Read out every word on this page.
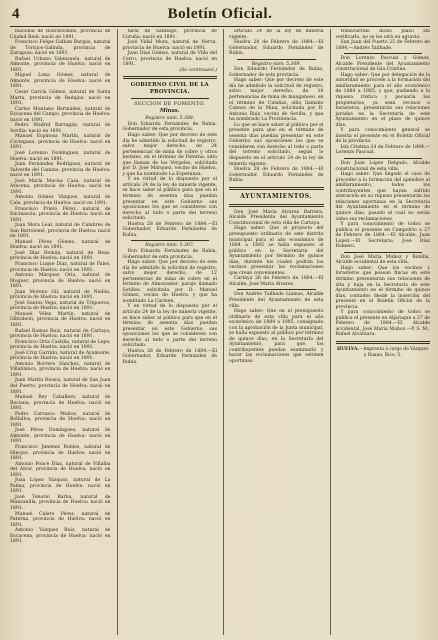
4	Boletín Oficial.

nacional de Roncesvalles, provincia de Ciudad Real: nació en 1891.

Francisco Felipe Galban Burgos, natural de Torrijos-Galinda, provincia de Zaragoza: nació en 1891.

Rafael Urbano Valenzuela, natural de Almonte, provincia de Huelva: nació en 1891.

Miguel Luna Gómez, natural de Almonte, provincia de Huelva: nació en 1891.

Cesar García Gómez, natural de Santa Marta, provincia de Badajoz: nació en 1891.

Carlos Montano Bermúdez, natural de Escacena del Campo, provincia de Huelva: nació en 1891.

Pedro Madrid Barragán, natural de Sevilla: nació en 1891.

Manuel Espinosa Martín, natural de Cortegana, provincia de Huelva: nació en 1891.

José Lorenzo Domínguez, natural de Huelva: nació en 1891.

Juan Fernández Rodríguez, natural de Valverde del Camino, provincia de Huelva: nació en 1891.

José María Macías Casa, natural de Aracena, provincia de Huelva: nació en 1891.

Antonio Gómez Vázquez, natural de Cala, provincia de Huelva: nació en 1891.

Francisco Prieto Pérez, natural de Encinasola, provincia de Huelva: nació en 1891.

Juan Mora Leal, natural de Cumbres de San Bartolomé, provincia de Huelva: nació en 1891.

Manuel Pérez Gómez, natural de Huelva: nació en 1891.

José Díaz Román, natural de Beas, provincia de Huelva: nació en 1891.

Francisco Luque Díaz, natural de Palos, provincia de Huelva: nació en 1891.

Antonio Márquez Oria, natural de Moguer, provincia de Huelva: nació en 1891.

Juan Moreno Gil, natural de Niebla, provincia de Huelva: nació en 1891.

José Santos Vega, natural de Trigueros, provincia de Huelva: nació en 1891.

Manuel Vélez Martín, natural de Gibraleón, provincia de Huelva: nació en 1891.

Rafael Ramos Ruiz, natural de Cartaya, provincia de Huelva: nació en 1891.

Francisco Orta Castilla, natural de Lepe, provincia de Huelva: nació en 1891.

José Cruz Garrido, natural de Ayamonte, provincia de Huelva: nació en 1891.

Antonio Borrero Sánchez, natural de Villablanca, provincia de Huelva: nació en 1891.

Juan Martín Rivera, natural de San Juan del Puerto, provincia de Huelva: nació en 1891.

Manuel Rey Caballero, natural de Rociana, provincia de Huelva: nació en 1891.

Pedro Carrasco Muñoz, natural de Bollullos, provincia de Huelva: nació en 1891.

José Pérez Domínguez, natural de Almonte, provincia de Huelva: nació en 1891.

Francisco Jiménez Robles, natural de Hinojos, provincia de Huelva: nació en 1891.

Antonio Ponce Díaz, natural de Villalba del Alcor, provincia de Huelva: nació en 1891.

Juan López Vázquez, natural de La Palma, provincia de Huelva: nació en 1891.

José Tenorio Barba, natural de Manzanilla, provincia de Huelva: nació en 1891.

Manuel Calero Pérez, natural de Paterna, provincia de Huelva: nació en 1891.

Antonio Vázquez Ruiz, natural de Escacena, provincia de Huelva: nació en 1891.

tural de Santiago, provincia de Coruña: nació en 1891.

José Vidal Mora, natural de Nerva, provincia de Huelva: nació en 1891.

Juan Díaz Gómez, natural de Villa del Cerro, provincia de Huelva: nació en 1891.

(Se continuará.)

GOBIERNO CIVIL DE LA PROVINCIA.
SECCION DE FOMENTO.
Minas.

Registro núm. 5.308.

Don Eduardo Fernández de Rubia, Gobernador de esta provincia.

Hago saber: Que por decreto de este día he admitido la solicitud de registro, salvo mejor derecho, de 24 pertenencias de mina de cobre y otros metales, en el término de Paterna, sitio que llaman de los Vergeles, solicitada por D. José Márquez, vecino de Huelva, y que ha nombrado La Esperanza.

Y en virtud de lo dispuesto por el artículo 24 de la ley de minería vigente, se hace saber al público para que en el término de sesenta días puedan presentar en este Gobierno sus oposiciones los que se consideren con derecho al todo o parte del terreno solicitado.

Huelva 28 de Febrero de 1884.—El Gobernador, Eduardo Fernández de Rubia.

Registro núm. 5.307.

Don Eduardo Fernández de Rubia, Gobernador de esta provincia.

Hago saber: Que por decreto de este día he admitido la solicitud de registro, salvo mejor derecho, de 12 pertenencias de mina de cobre en el término de Almonaster, paraje llamado Sotillos, solicitada por D. Manuel Gómez, vecino de Huelva, y que ha nombrado La Carmen.

Y en virtud de lo dispuesto por el artículo 24 de la ley de minería vigente, se hace saber al público para que en el término de sesenta días puedan presentar en este Gobierno sus oposiciones los que se consideren con derecho al todo o parte del terreno solicitado.

Huelva 28 de Febrero de 1884.—El Gobernador, Eduardo Fernández de Rubia.

artículo 24 de la ley de minería vigente.

Huelva 28 de Febrero de 1884.—El Gobernador, Eduardo Fernández de Rubia.

Registro núm. 5.309.

Don Eduardo Fernández de Rubia, Gobernador de esta provincia.

Hago saber: Que por decreto de este día he admitido la solicitud de registro, salvo mejor derecho, de 16 pertenencias de mina de manganeso, en el término de Calañas, sitio llamado Cabezo de la Mina, solicitada por D. Antonio Ruiz, vecino de Sevilla, y que ha nombrado La Providencia.

Lo que se hace saber al público por el presente para que en el término de sesenta días puedan presentar en este Gobierno sus oposiciones los que se consideren con derecho al todo o parte del terreno solicitado, según lo dispuesto en el artículo 24 de la ley de minería vigente.

Huelva 28 de Febrero de 1884.—El Gobernador, Eduardo Fernández de Rubia.

AYUNTAMIENTOS.

Don José María Alvarez Barrera, Alcalde Presidente del Ayuntamiento Constitucional de esta villa de Cartaya.

Hago saber: Que el proyecto del presupuesto ordinario de este distrito municipal para el año económico de 1884 a 1885 se halla expuesto al público en la Secretaría del Ayuntamiento por término de quince días, durante los cuales podrán los vecinos presentar las reclamaciones que crean convenientes.

Cartaya 26 de Febrero de 1884.—El Alcalde, José María Alvarez.

Don Andrés Tailhade Llamas, Alcalde Presidente del Ayuntamiento de esta villa.

Hago saber: Que en el presupuesto ordinario de esta villa para el año económico de 1884 a 1885, consignado con la aprobación de la Junta municipal, se halla expuesto al público por término de quince días, en la Secretaría del Ayuntamiento, para que los contribuyentes puedan examinarlo y hacer las reclamaciones que estimen oportunas.

transcurrido dicho plazo sin verificarlo, no se les oirá en agravio.

San Juan del Puerto 25 de Febrero de 1884.—Andrés Tailhade.

Don Lorenzo Pascual y Gómez, Alcalde Presidente del Ayuntamiento constitucional de Isla Cristina.

Hago saber: Que por delegación de la autoridad se procede a la formación del amillaramiento para el año económico de 1884 a 1885, y que, pudiendo a la riqueza rústica y pecuaria los propietarios, ya sean vecinos o forasteros, presentarán sus relaciones juradas en la Secretaría de este Ayuntamiento en el plazo de quince días.

Y para conocimiento general se inserta el presente en el Boletín Oficial de la provincia.

Isla Cristina 24 de Febrero de 1884.—Lorenzo Pascual.

Don Juan López Delgado, Alcalde constitucional de esta villa.

Hago saber: Que llegado el caso de proceder a la formación del apéndice al amillaramiento, todos los contribuyentes que hayan sufrido alteración en su riqueza presentarán las relaciones oportunas en la Secretaría del Ayuntamiento en el término de quince días, pasado el cual no serán oídos sus reclamaciones.

Y para conocimiento de todos se publica el presente en Campofrío a 27 de Febrero de 1884.—El Alcalde, Juan López.—El Secretario, José Díaz Romero.

Don José María Muñoz y Bonilla, Alcalde accidental de esta villa.

Hago saber: Que los vecinos y forasteros que posean fincas en este término presentarán sus relaciones de alta y baja en la Secretaría de este Ayuntamiento en el término de quince días, contados desde la inserción del presente en el Boletín Oficial de la provincia.

Y para conocimiento de todos se publica el presente en Aljaraque a 27 de Febrero de 1884.—El Alcalde accidental, José María Muñoz.—P. S. M., Rafael Alcántara.

HUELVA.—Imprenta á cargo de Vázquez y Ruano, Rico, 5.
